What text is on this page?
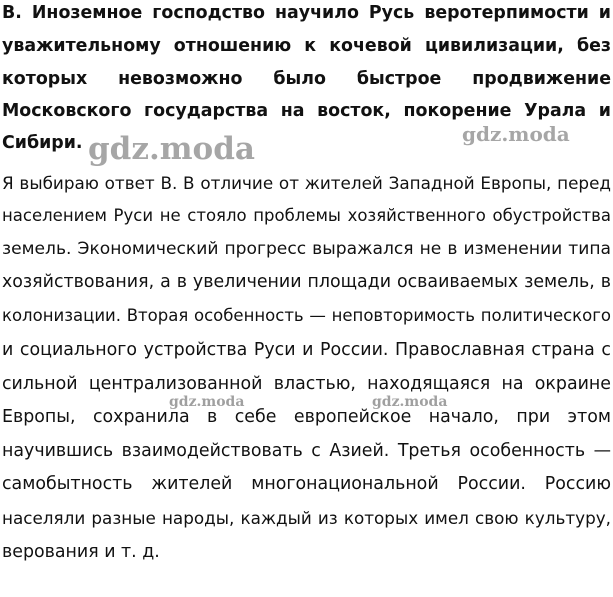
В. Иноземное господство научило Русь веротерпимости и
уважительному отношению к кочевой цивилизации, без
которых невозможно было быстрое продвижение
Московского государства на восток, покорение Урала и
Сибири.
Я выбираю ответ В. В отличие от жителей Западной Европы, перед
населением Руси не стояло проблемы хозяйственного обустройства
земель. Экономический прогресс выражался не в изменении типа
хозяйствования, а в увеличении площади осваиваемых земель, в
колонизации. Вторая особенность — неповторимость политического
и социального устройства Руси и России. Православная страна с
сильной централизованной властью, находящаяся на окраине
Европы, сохранила в себе европейское начало, при этом
научившись взаимодействовать с Азией. Третья особенность —
самобытность жителей многонациональной России. Россию
населяли разные народы, каждый из которых имел свою культуру,
верования и т. д.
gdz.moda	gdz.moda
gdz.moda	gdz.moda
